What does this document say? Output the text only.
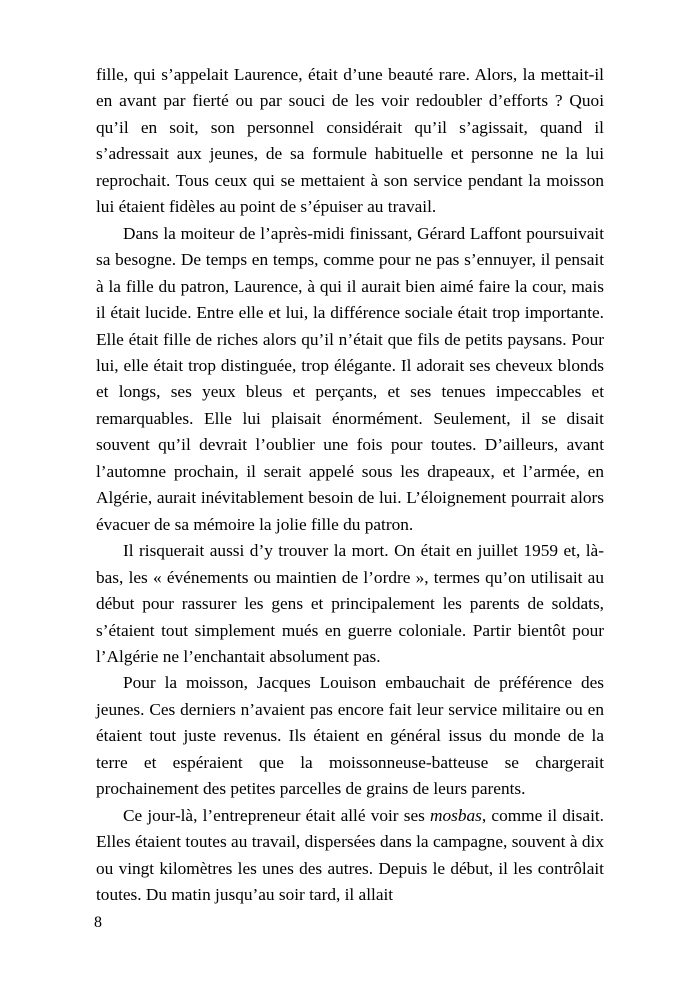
fille, qui s’appelait Laurence, était d’une beauté rare. Alors, la mettait-il en avant par fierté ou par souci de les voir redoubler d’efforts ? Quoi qu’il en soit, son personnel considérait qu’il s’agissait, quand il s’adressait aux jeunes, de sa formule habituelle et personne ne la lui reprochait. Tous ceux qui se mettaient à son service pendant la moisson lui étaient fidèles au point de s’épuiser au travail.

Dans la moiteur de l’après-midi finissant, Gérard Laffont poursuivait sa besogne. De temps en temps, comme pour ne pas s’ennuyer, il pensait à la fille du patron, Laurence, à qui il aurait bien aimé faire la cour, mais il était lucide. Entre elle et lui, la différence sociale était trop importante. Elle était fille de riches alors qu’il n’était que fils de petits paysans. Pour lui, elle était trop distinguée, trop élégante. Il adorait ses cheveux blonds et longs, ses yeux bleus et perçants, et ses tenues impeccables et remarquables. Elle lui plaisait énormément. Seulement, il se disait souvent qu’il devrait l’oublier une fois pour toutes. D’ailleurs, avant l’automne prochain, il serait appelé sous les drapeaux, et l’armée, en Algérie, aurait inévitablement besoin de lui. L’éloignement pourrait alors évacuer de sa mémoire la jolie fille du patron.

Il risquerait aussi d’y trouver la mort. On était en juillet 1959 et, là-bas, les « événements ou maintien de l’ordre », termes qu’on utilisait au début pour rassurer les gens et principalement les parents de soldats, s’étaient tout simplement mués en guerre coloniale. Partir bientôt pour l’Algérie ne l’enchantait absolument pas.

Pour la moisson, Jacques Louison embauchait de préférence des jeunes. Ces derniers n’avaient pas encore fait leur service militaire ou en étaient tout juste revenus. Ils étaient en général issus du monde de la terre et espéraient que la moissonneuse-batteuse se chargerait prochainement des petites parcelles de grains de leurs parents.

Ce jour-là, l’entrepreneur était allé voir ses mosbas, comme il disait. Elles étaient toutes au travail, dispersées dans la campagne, souvent à dix ou vingt kilomètres les unes des autres. Depuis le début, il les contrôlait toutes. Du matin jusqu’au soir tard, il allait

8
